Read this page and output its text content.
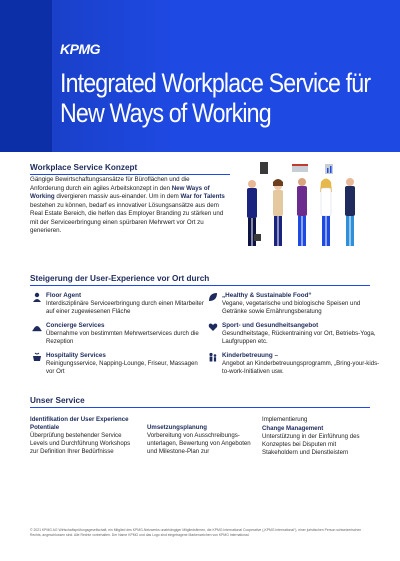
KPMG
Integrated Workplace Service für
New Ways of Working
Workplace Service Konzept
Gängige Bewirtschaftungsansätze für Büroflächen und die Anforderung durch ein agiles Arbeitskonzept in den New Ways of Working divergieren massiv aus-einander. Um in dem War for Talents bestehen zu können, bedarf es innovativer Lösungsansätze aus dem Real Estate Bereich, die helfen das Employer Branding zu stärken und mit der Serviceerbringung einen spürbaren Mehrwert vor Ort zu generieren.
Steigerung der User-Experience vor Ort durch
Floor Agent
Interdisziplinäre Serviceerbringung durch einen Mitarbeiter auf einer zugewiesenen Fläche
Concierge Services
Übernahme von bestimmten Mehrwertservices durch die Rezeption
Hospitality Services
Reinigungsservice, Napping-Lounge, Friseur, Massagen vor Ort
„Healthy & Sustainable Food“
Vegane, vegetarische und biologische Speisen und Getränke sowie Ernährungsberatung
Sport- und Gesundheitsangebot
Gesundheitstage, Rückentraining vor Ort, Betriebs-Yoga, Laufgruppen etc.
Kinderbetreuung –
Angebot an Kinderbetreuungsprogramm, „Bring-your-kids-to-work-Initiativen usw.
Unser Service
Identifikation der User Experience Potentiale
Überprüfung bestehender Service Levels und Durchführung Workshops zur Definition Ihrer Bedürfnisse
Umsetzungsplanung
Vorbereitung von Ausschreibungs-unterlagen, Bewertung von Angeboten und Milestone-Plan zur
Implementierung
Change Management
Unterstützung in der Einführung des Konzeptes bei Disputen mit Stakeholdern und Dienstleistern
© 2021 KPMG AG Wirtschaftsprüfungsgesellschaft, ein Mitglied des KPMG-Netzwerks unabhängiger Mitgliedsfirmen, die KPMG International Cooperative („KPMG International“), einer juristischen Person schweizerischen Rechts, angeschlossen sind. Alle Rechte vorbehalten. Der Name KPMG und das Logo sind eingetragene Markenzeichen von KPMG International.
